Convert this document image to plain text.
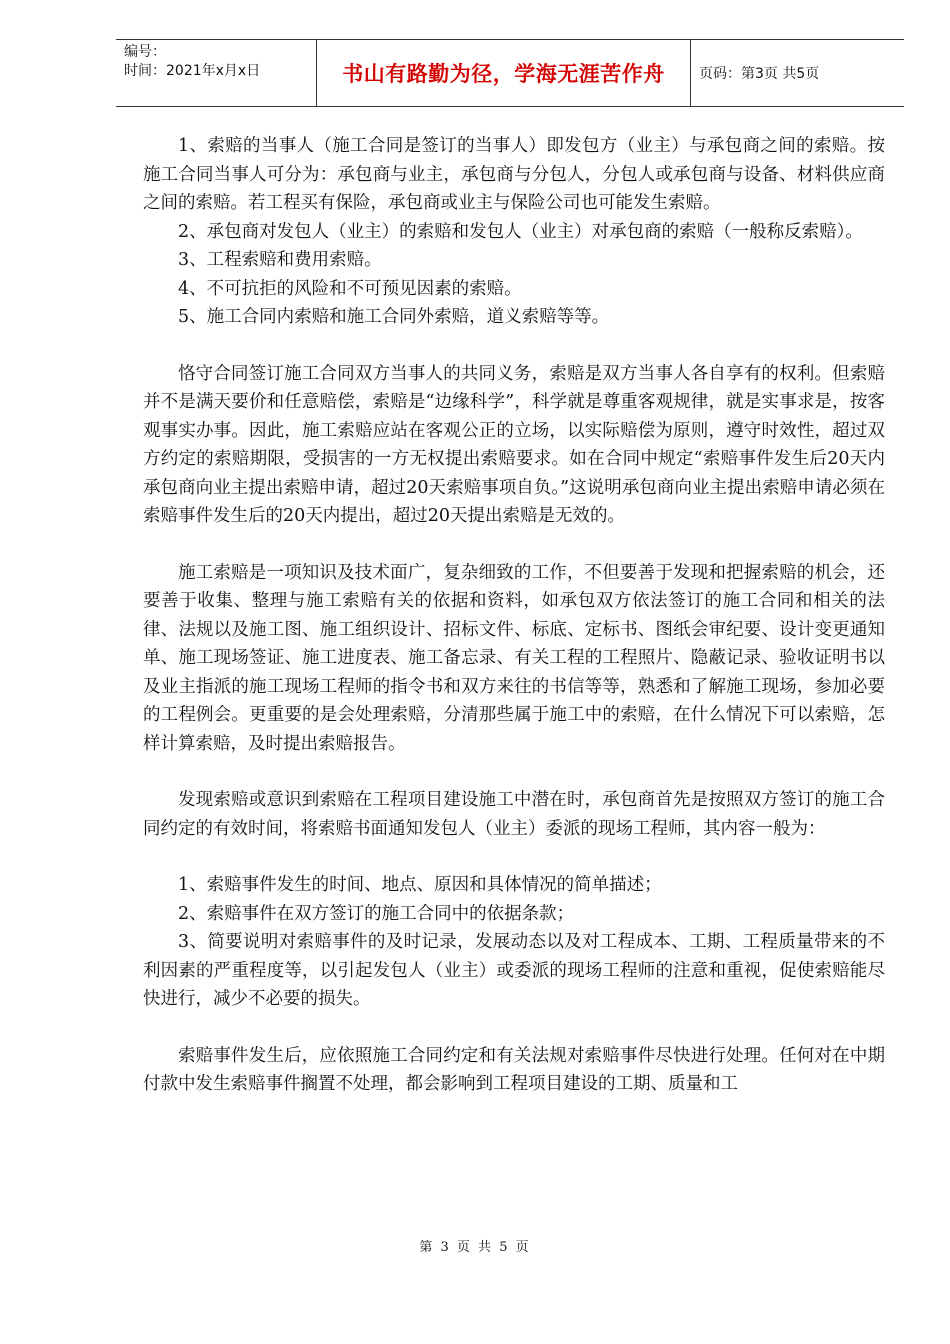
编号：
时间：2021年x月x日	书山有路勤为径，学海无涯苦作舟	页码：第3页 共5页

1、索赔的当事人（施工合同是签订的当事人）即发包方（业主）与承包商之间的索赔。按施工合同当事人可分为：承包商与业主，承包商与分包人，分包人或承包商与设备、材料供应商之间的索赔。若工程买有保险，承包商或业主与保险公司也可能发生索赔。

2、承包商对发包人（业主）的索赔和发包人（业主）对承包商的索赔（一般称反索赔）。

3、工程索赔和费用索赔。

4、不可抗拒的风险和不可预见因素的索赔。

5、施工合同内索赔和施工合同外索赔，道义索赔等等。

恪守合同签订施工合同双方当事人的共同义务，索赔是双方当事人各自享有的权利。但索赔并不是满天要价和任意赔偿，索赔是“边缘科学”，科学就是尊重客观规律，就是实事求是，按客观事实办事。因此，施工索赔应站在客观公正的立场，以实际赔偿为原则，遵守时效性，超过双方约定的索赔期限，受损害的一方无权提出索赔要求。如在合同中规定“索赔事件发生后20天内承包商向业主提出索赔申请，超过20天索赔事项自负。”这说明承包商向业主提出索赔申请必须在索赔事件发生后的20天内提出，超过20天提出索赔是无效的。

施工索赔是一项知识及技术面广，复杂细致的工作，不但要善于发现和把握索赔的机会，还要善于收集、整理与施工索赔有关的依据和资料，如承包双方依法签订的施工合同和相关的法律、法规以及施工图、施工组织设计、招标文件、标底、定标书、图纸会审纪要、设计变更通知单、施工现场签证、施工进度表、施工备忘录、有关工程的工程照片、隐蔽记录、验收证明书以及业主指派的施工现场工程师的指令书和双方来往的书信等等，熟悉和了解施工现场，参加必要的工程例会。更重要的是会处理索赔，分清那些属于施工中的索赔，在什么情况下可以索赔，怎样计算索赔，及时提出索赔报告。

发现索赔或意识到索赔在工程项目建设施工中潜在时，承包商首先是按照双方签订的施工合同约定的有效时间，将索赔书面通知发包人（业主）委派的现场工程师，其内容一般为：

1、索赔事件发生的时间、地点、原因和具体情况的简单描述；

2、索赔事件在双方签订的施工合同中的依据条款；

3、简要说明对索赔事件的及时记录，发展动态以及对工程成本、工期、工程质量带来的不利因素的严重程度等，以引起发包人（业主）或委派的现场工程师的注意和重视，促使索赔能尽快进行，减少不必要的损失。

索赔事件发生后，应依照施工合同约定和有关法规对索赔事件尽快进行处理。任何对在中期付款中发生索赔事件搁置不处理，都会影响到工程项目建设的工期、质量和工

第 3 页 共 5 页
